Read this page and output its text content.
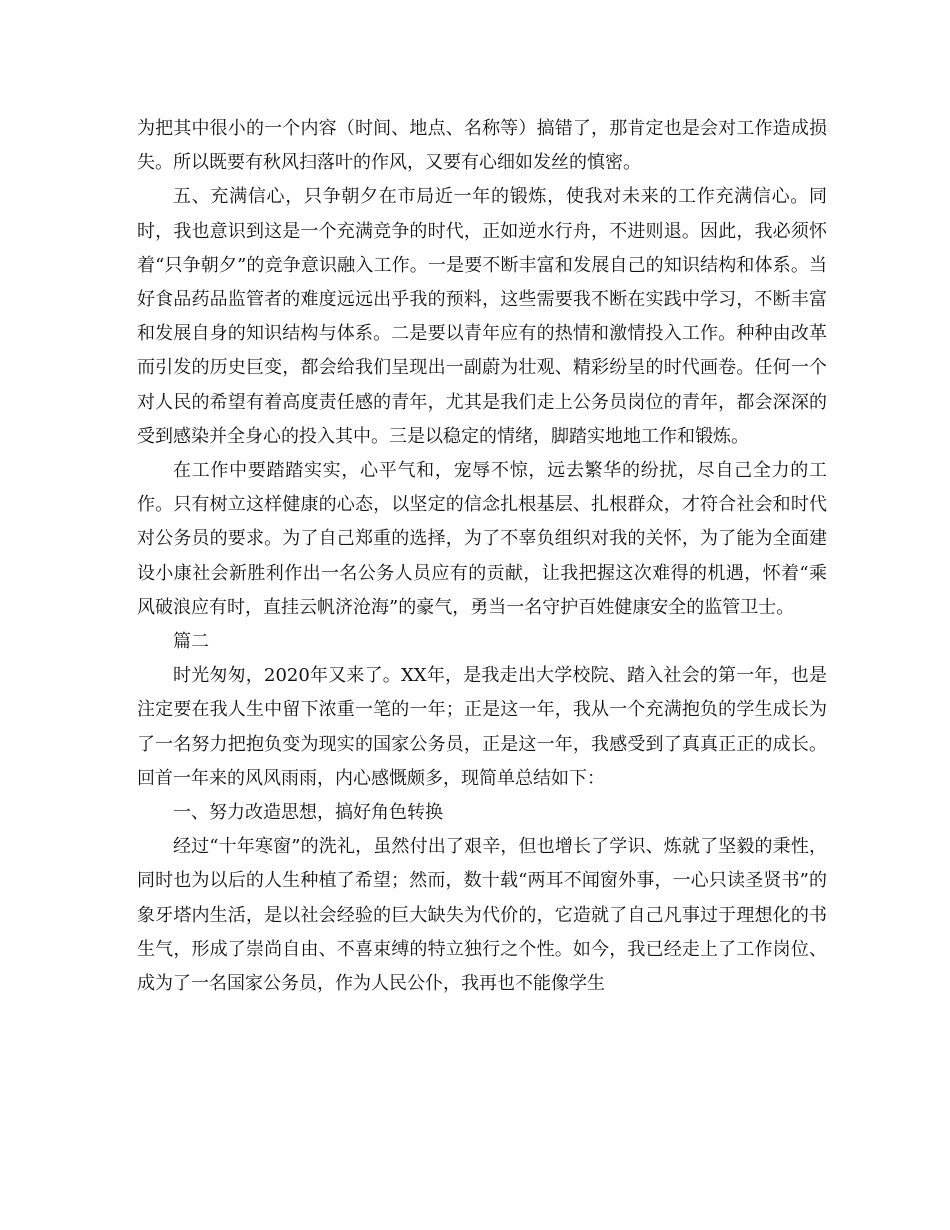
为把其中很小的一个内容（时间、地点、名称等）搞错了，那肯定也是会对工作造成损失。所以既要有秋风扫落叶的作风，又要有心细如发丝的慎密。

五、充满信心，只争朝夕在市局近一年的锻炼，使我对未来的工作充满信心。同时，我也意识到这是一个充满竞争的时代，正如逆水行舟，不进则退。因此，我必须怀着“只争朝夕”的竞争意识融入工作。一是要不断丰富和发展自己的知识结构和体系。当好食品药品监管者的难度远远出乎我的预料，这些需要我不断在实践中学习，不断丰富和发展自身的知识结构与体系。二是要以青年应有的热情和激情投入工作。种种由改革而引发的历史巨变，都会给我们呈现出一副蔚为壮观、精彩纷呈的时代画卷。任何一个对人民的希望有着高度责任感的青年，尤其是我们走上公务员岗位的青年，都会深深的受到感染并全身心的投入其中。三是以稳定的情绪，脚踏实地地工作和锻炼。

在工作中要踏踏实实，心平气和，宠辱不惊，远去繁华的纷扰，尽自己全力的工作。只有树立这样健康的心态，以坚定的信念扎根基层、扎根群众，才符合社会和时代对公务员的要求。为了自己郑重的选择，为了不辜负组织对我的关怀，为了能为全面建设小康社会新胜利作出一名公务人员应有的贡献，让我把握这次难得的机遇，怀着“乘风破浪应有时，直挂云帆济沧海”的豪气，勇当一名守护百姓健康安全的监管卫士。

篇二

时光匆匆，2020年又来了。XX年，是我走出大学校院、踏入社会的第一年，也是注定要在我人生中留下浓重一笔的一年；正是这一年，我从一个充满抱负的学生成长为了一名努力把抱负变为现实的国家公务员，正是这一年，我感受到了真真正正的成长。回首一年来的风风雨雨，内心感慨颇多，现简单总结如下：

一、努力改造思想，搞好角色转换

经过“十年寒窗”的洗礼，虽然付出了艰辛，但也增长了学识、炼就了坚毅的秉性，同时也为以后的人生种植了希望；然而，数十载“两耳不闻窗外事，一心只读圣贤书”的象牙塔内生活，是以社会经验的巨大缺失为代价的，它造就了自己凡事过于理想化的书生气，形成了崇尚自由、不喜束缚的特立独行之个性。如今，我已经走上了工作岗位、成为了一名国家公务员，作为人民公仆，我再也不能像学生
